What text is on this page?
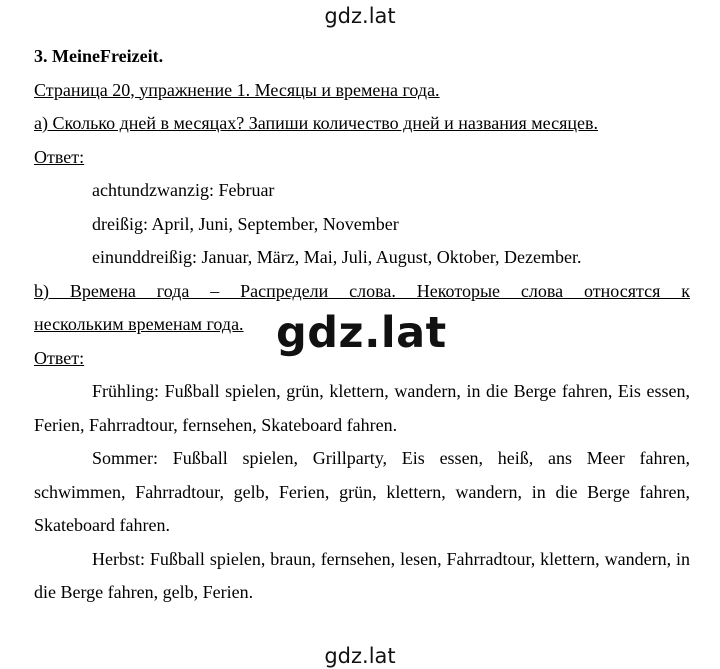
gdz.lat
3. MeineFreizeit.
Страница 20, упражнение 1. Месяцы и времена года.
а) Сколько дней в месяцах? Запиши количество дней и названия месяцев.
Ответ:
achtundzwanzig: Februar
dreißig: April, Juni, September, November
einunddreißig: Januar, März, Mai, Juli, August, Oktober, Dezember.
b) Времена года – Распредели слова. Некоторые слова относятся к
нескольким временам года.
Ответ:
Frühling: Fußball spielen, grün, klettern, wandern, in die Berge fahren, Eis essen, Ferien, Fahrradtour, fernsehen, Skateboard fahren.
Sommer: Fußball spielen, Grillparty, Eis essen, heiß, ans Meer fahren, schwimmen, Fahrradtour, gelb, Ferien, grün, klettern, wandern, in die Berge fahren, Skateboard fahren.
Herbst: Fußball spielen, braun, fernsehen, lesen, Fahrradtour, klettern, wandern, in die Berge fahren, gelb, Ferien.
gdz.lat
gdz.lat
